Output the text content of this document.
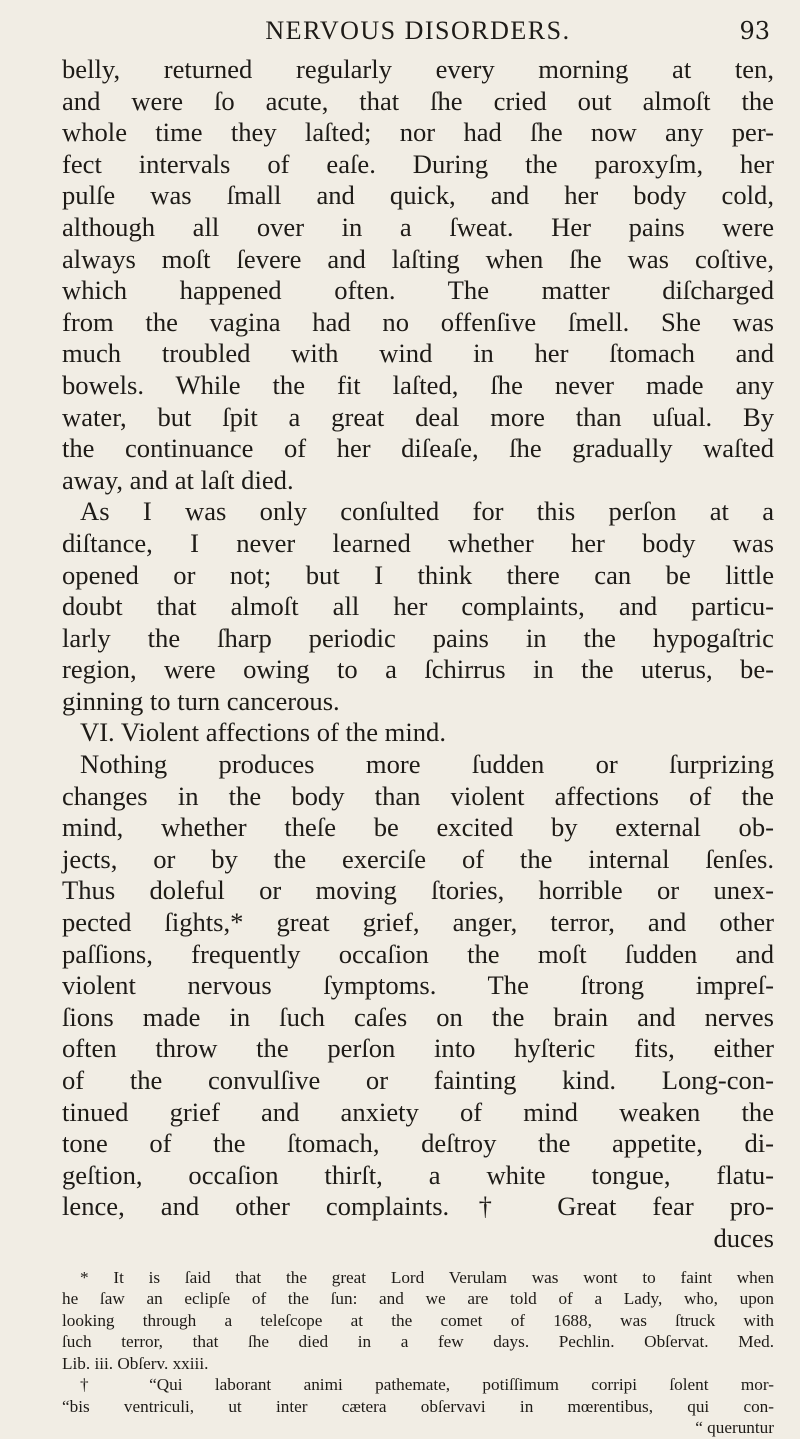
NERVOUS DISORDERS.	93
belly, returned regularly every morning at ten,
and were ſo acute, that ſhe cried out almoſt the
whole time they laſted; nor had ſhe now any per-
fect intervals of eaſe. During the paroxyſm, her
pulſe was ſmall and quick, and her body cold,
although all over in a ſweat. Her pains were
always moſt ſevere and laſting when ſhe was coſtive,
which happened often. The matter diſcharged
from the vagina had no offenſive ſmell. She was
much troubled with wind in her ſtomach and
bowels. While the fit laſted, ſhe never made any
water, but ſpit a great deal more than uſual. By
the continuance of her diſeaſe, ſhe gradually waſted
away, and at laſt died.
As I was only conſulted for this perſon at a
diſtance, I never learned whether her body was
opened or not; but I think there can be little
doubt that almoſt all her complaints, and particu-
larly the ſharp periodic pains in the hypogaſtric
region, were owing to a ſchirrus in the uterus, be-
ginning to turn cancerous.
VI. Violent affections of the mind.
Nothing produces more ſudden or ſurprizing
changes in the body than violent affections of the
mind, whether theſe be excited by external ob-
jects, or by the exerciſe of the internal ſenſes.
Thus doleful or moving ſtories, horrible or unex-
pected ſights,* great grief, anger, terror, and other
paſſions, frequently occaſion the moſt ſudden and
violent nervous ſymptoms. The ſtrong impreſ-
ſions made in ſuch caſes on the brain and nerves
often throw the perſon into hyſteric fits, either
of the convulſive or fainting kind. Long-con-
tinued grief and anxiety of mind weaken the
tone of the ſtomach, deſtroy the appetite, di-
geſtion, occaſion thirſt, a white tongue, flatu-
lence, and other complaints.† Great fear pro-
duces
* It is ſaid that the great Lord Verulam was wont to faint when
he ſaw an eclipſe of the ſun: and we are told of a Lady, who, upon
looking through a teleſcope at the comet of 1688, was ſtruck with
ſuch terror, that ſhe died in a few days. Pechlin. Obſervat. Med.
Lib. iii. Obſerv. xxiii.
† “Qui laborant animi pathemate, potiſſimum corripi ſolent mor-
“bis ventriculi, ut inter cætera obſervavi in mœrentibus, qui con-
“ queruntur
